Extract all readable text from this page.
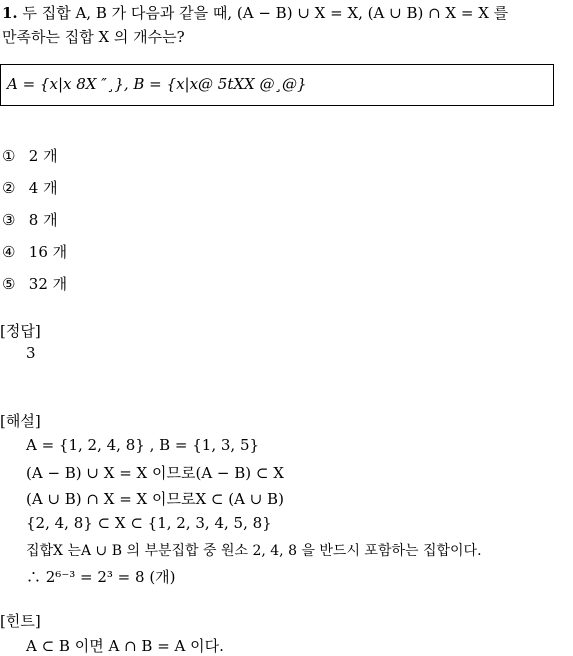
1. 두 집합 A, B 가 다음과 같을 때, (A − B) ∪ X = X, (A ∪ B) ∩ X = X 를
만족하는 집합 X 의 개수는?
A = {x|x 8X ″¸}, B = {x|x@ 5tXX @¸@}
① 2 개
② 4 개
③ 8 개
④ 16 개
⑤ 32 개
[정답]
3
[해설]
A = {1, 2, 4, 8} , B = {1, 3, 5}
(A − B) ∪ X = X 이므로(A − B) ⊂ X
(A ∪ B) ∩ X = X 이므로X ⊂ (A ∪ B)
{2, 4, 8} ⊂ X ⊂ {1, 2, 3, 4, 5, 8}
집합X 는A ∪ B 의 부분집합 중 원소 2, 4, 8 을 반드시 포함하는 집합이다.
∴ 2⁶⁻³ = 2³ = 8 (개)
[힌트]
A ⊂ B 이면 A ∩ B = A 이다.
